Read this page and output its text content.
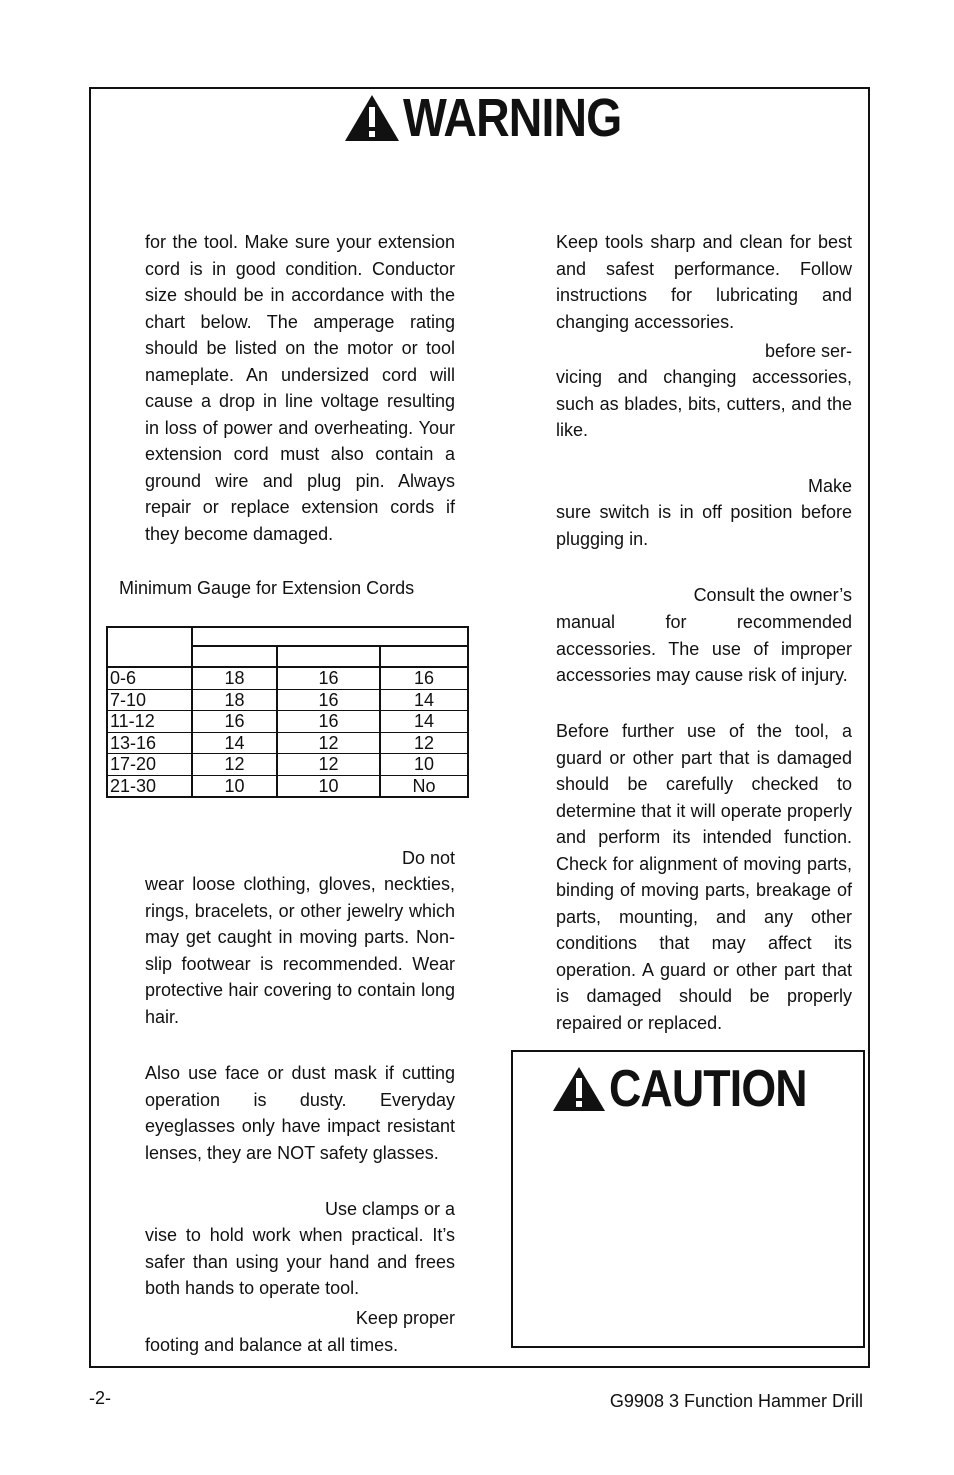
WARNING

for the tool. Make sure your extension cord is in good condition. Conductor size should be in accordance with the chart below. The amperage rating should be listed on the motor or tool nameplate. An undersized cord will cause a drop in line voltage resulting in loss of power and overheating. Your extension cord must also contain a ground wire and plug pin. Always repair or replace extension cords if they become damaged.

Minimum Gauge for Extension Cords

0-6	18	16	16
7-10	18	16	14
11-12	16	16	14
13-16	14	12	12
17-20	12	12	10
21-30	10	10	No
Do not

wear loose clothing, gloves, neckties, rings, bracelets, or other jewelry which may get caught in moving parts. Non-slip footwear is recommended. Wear protective hair covering to contain long hair.

Also use face or dust mask if cutting operation is dusty. Everyday eyeglasses only have impact resistant lenses, they are NOT safety glasses.

Use clamps or a

vise to hold work when practical. It’s safer than using your hand and frees both hands to operate tool.

Keep proper
footing and balance at all times.

Keep tools sharp and clean for best and safest performance. Follow instructions for lubricating and changing accessories.

before ser-

vicing and changing accessories, such as blades, bits, cutters, and the like.

Make

sure switch is in off position before plugging in.

Consult the owner’s

manual for recommended accessories. The use of improper accessories may cause risk of injury.

Before further use of the tool, a guard or other part that is damaged should be carefully checked to determine that it will operate properly and perform its intended function. Check for alignment of moving parts, binding of moving parts, breakage of parts, mounting, and any other conditions that may affect its operation. A guard or other part that is damaged should be properly repaired or replaced.

CAUTION
-2-	G9908 3 Function Hammer Drill
